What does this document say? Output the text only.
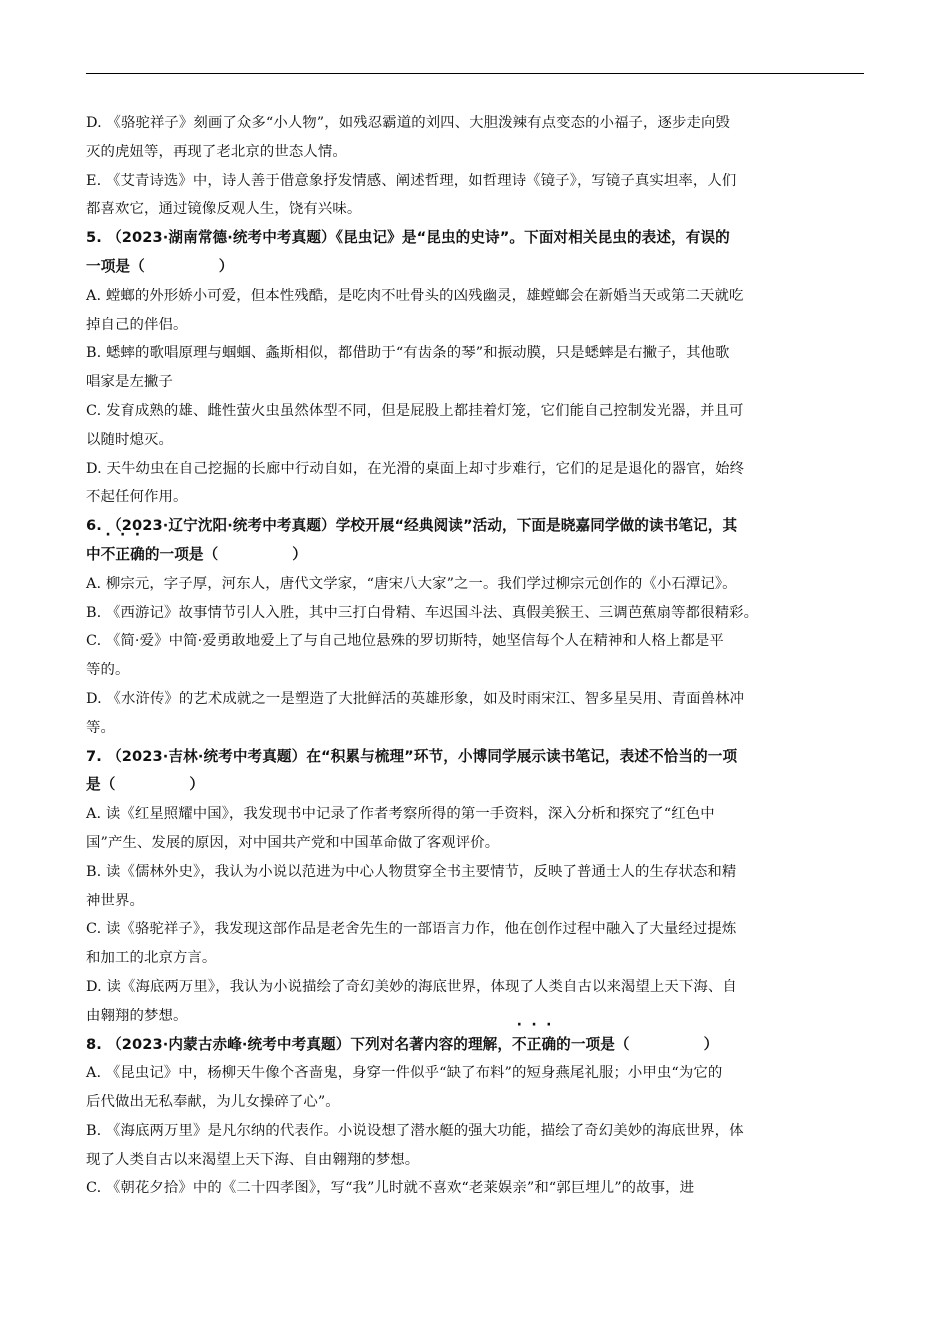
D. 《骆驼祥子》刻画了众多“小人物”，如残忍霸道的刘四、大胆泼辣有点变态的小福子，逐步走向毁
灭的虎妞等，再现了老北京的世态人情。
E. 《艾青诗选》中，诗人善于借意象抒发情感、阐述哲理，如哲理诗《镜子》，写镜子真实坦率，人们
都喜欢它，通过镜像反观人生，饶有兴味。
5. （2023·湖南常德·统考中考真题）《昆虫记》是“昆虫的史诗”。下面对相关昆虫的表述，有误的
一项是（	）
A. 螳螂的外形娇小可爱，但本性残酷，是吃肉不吐骨头的凶残幽灵，雄螳螂会在新婚当天或第二天就吃
掉自己的伴侣。
B. 蟋蟀的歌唱原理与蝈蝈、螽斯相似，都借助于“有齿条的琴”和振动膜，只是蟋蟀是右撇子，其他歌
唱家是左撇子
C. 发育成熟的雄、雌性萤火虫虽然体型不同，但是屁股上都挂着灯笼，它们能自己控制发光器，并且可
以随时熄灭。
D. 天牛幼虫在自己挖掘的长廊中行动自如，在光滑的桌面上却寸步难行，它们的足是退化的器官，始终
不起任何作用。
6. （2023·辽宁沈阳·统考中考真题）学校开展“经典阅读”活动，下面是晓嘉同学做的读书笔记，其
中不正确的一项是（	）
A. 柳宗元，字子厚，河东人，唐代文学家，“唐宋八大家”之一。我们学过柳宗元创作的《小石潭记》。
B. 《西游记》故事情节引人入胜，其中三打白骨精、车迟国斗法、真假美猴王、三调芭蕉扇等都很精彩。
C. 《简·爱》中简·爱勇敢地爱上了与自己地位悬殊的罗切斯特，她坚信每个人在精神和人格上都是平
等的。
D. 《水浒传》的艺术成就之一是塑造了大批鲜活的英雄形象，如及时雨宋江、智多星吴用、青面兽林冲
等。
7. （2023·吉林·统考中考真题）在“积累与梳理”环节，小博同学展示读书笔记，表述不恰当的一项
是（	）
A. 读《红星照耀中国》，我发现书中记录了作者考察所得的第一手资料，深入分析和探究了“红色中
国”产生、发展的原因，对中国共产党和中国革命做了客观评价。
B. 读《儒林外史》，我认为小说以范进为中心人物贯穿全书主要情节，反映了普通士人的生存状态和精
神世界。
C. 读《骆驼祥子》，我发现这部作品是老舍先生的一部语言力作，他在创作过程中融入了大量经过提炼
和加工的北京方言。
D. 读《海底两万里》，我认为小说描绘了奇幻美妙的海底世界，体现了人类自古以来渴望上天下海、自
由翱翔的梦想。
8. （2023·内蒙古赤峰·统考中考真题）下列对名著内容的理解，不正确的一项是（	）
A. 《昆虫记》中，杨柳天牛像个吝啬鬼，身穿一件似乎“缺了布料”的短身燕尾礼服；小甲虫“为它的
后代做出无私奉献，为儿女操碎了心”。
B. 《海底两万里》是凡尔纳的代表作。小说设想了潜水艇的强大功能，描绘了奇幻美妙的海底世界，体
现了人类自古以来渴望上天下海、自由翱翔的梦想。
C. 《朝花夕拾》中的《二十四孝图》，写“我”儿时就不喜欢“老莱娱亲”和“郭巨埋儿”的故事，进
